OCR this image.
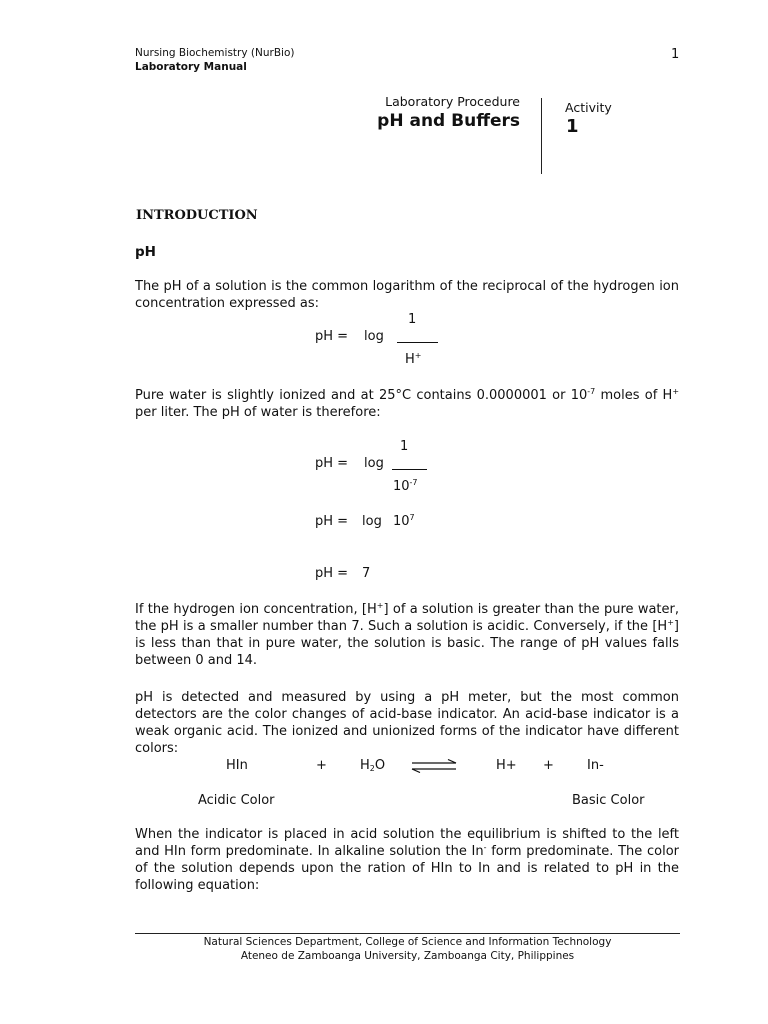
Nursing Biochemistry (NurBio)
Laboratory Manual
1
Laboratory Procedure
pH and Buffers
Activity
1
INTRODUCTION
pH
The pH of a solution is the common logarithm of the reciprocal of the hydrogen ion concentration expressed as:
pH = log
1
H+
Pure water is slightly ionized and at 25°C contains 0.0000001 or $10^{-7}$ moles of H+ per liter. The pH of water is therefore:
1
pH = log
$10^{-7}$
pH = $\log 10^7$
pH = 7
If the hydrogen ion concentration, [H+] of a solution is greater than the pure water, the pH is a smaller number than 7. Such a solution is acidic. Conversely, if the [H+] is less than that in pure water, the solution is basic. The range of pH values falls between 0 and 14.
pH is detected and measured by using a pH meter, but the most common detectors are the color changes of acid-base indicator. An acid-base indicator is a weak organic acid. The ionized and unionized forms of the indicator have different colors:
HIn	+	$H_2O$	H+ +	In-
Acidic Color	Basic Color
When the indicator is placed in acid solution the equilibrium is shifted to the left and HIn form predominate. In alkaline solution the In- form predominate. The color of the solution depends upon the ration of HIn to In and is related to pH in the following equation:
Natural Sciences Department, College of Science and Information Technology
Ateneo de Zamboanga University, Zamboanga City, Philippines
